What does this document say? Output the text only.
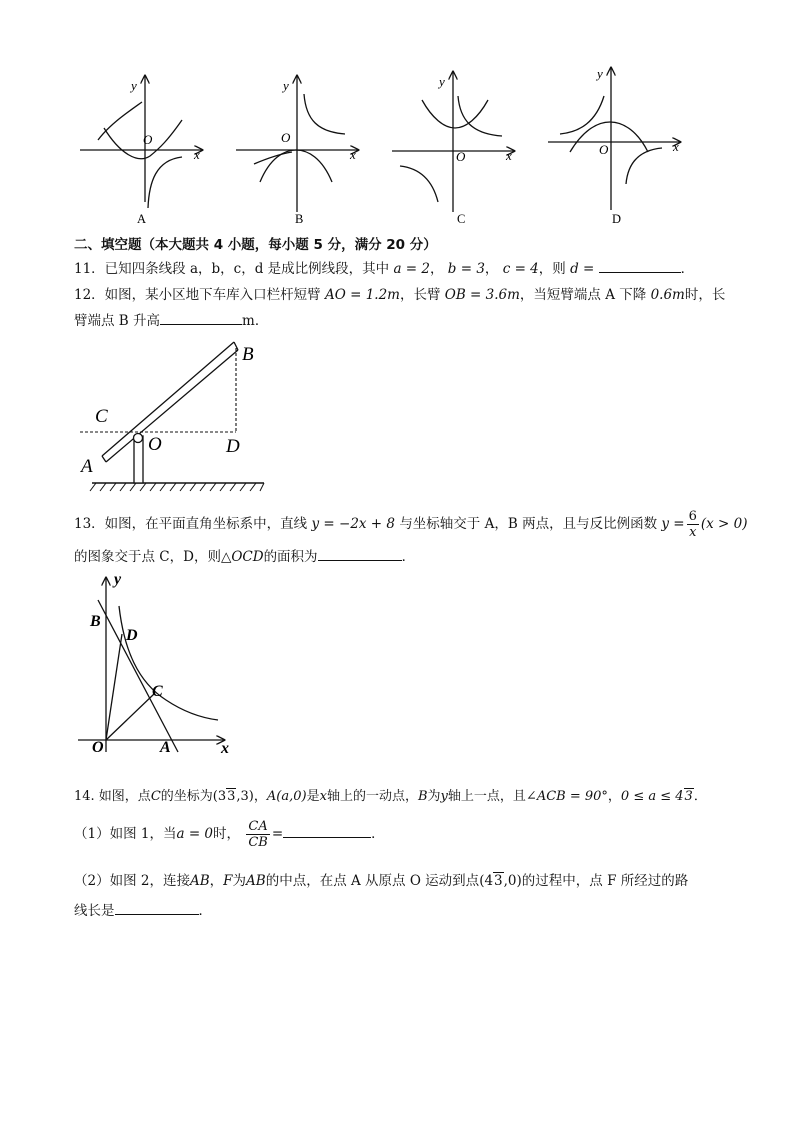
x
y
O
x
y
O
x
y
O
x
y
O
A	B	C	D
二、填空题（本大题共 4 小题，每小题 5 分，满分 20 分）
11．已知四条线段 a，b，c，d 是成比例线段，其中 a = 2， b = 3， c = 4，则 d =	．
12．如图，某小区地下车库入口栏杆短臂 AO = 1.2m，长臂 OB = 3.6m，当短臂端点 A 下降 0.6m时，长
臂端点 B 升高	m．
B
C
O	D
A
13．如图，在平面直角坐标系中，直线 y = −2x + 8 与坐标轴交于 A，B 两点，且与反比例函数 $y = \frac{6}{x} (x > 0)$
的图象交于点 C，D，则△OCD的面积为	．
y
x
O
B
D
C
A
14. 如图，点C的坐标为(33,3)，A(a,0)是x轴上的一动点，B为y轴上一点，且∠ACB = 90°，0 ≤ a ≤ 43．
（1）如图 1，当a = 0时， $\frac{CA}{CB}$ =	．
（2）如图 2，连接AB，F为AB的中点，在点 A 从原点 O 运动到点(43,0)的过程中，点 F 所经过的路
线长是	．
